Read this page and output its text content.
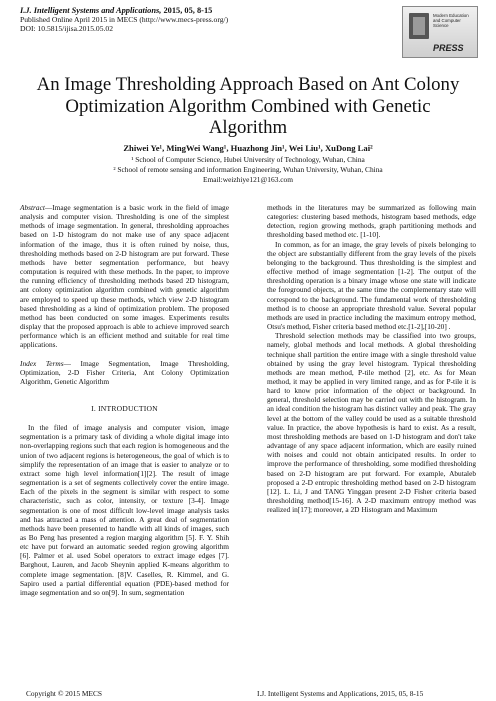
I.J. Intelligent Systems and Applications, 2015, 05, 8-15
Published Online April 2015 in MECS (http://www.mecs-press.org/)
DOI: 10.5815/ijisa.2015.05.02
Modern Education and Computer Science
PRESS
An Image Thresholding Approach Based on Ant Colony Optimization Algorithm Combined with Genetic Algorithm
Zhiwei Ye¹, MingWei Wang¹, Huazhong Jin¹, Wei Liu¹, XuDong Lai²
¹ School of Computer Science, Hubei University of Technology, Wuhan, China
² School of remote sensing and information Engineering, Wuhan University, Wuhan, China
Email:weizhiye121@163.com

Abstract—Image segmentation is a basic work in the field of image analysis and computer vision. Thresholding is one of the simplest methods of image segmentation. In general, thresholding approaches based on 1-D histogram do not make use of any space adjacent information of the image, thus it is often ruined by noise, thus, thresholding methods based on 2-D histogram are put forward. These methods have better segmentation performance, but heavy computation is required with these methods. In the paper, to improve the running efficiency of thresholding methods based 2D histogram, ant colony optimization algorithm combined with genetic algorithm are employed to speed up these methods, which view 2-D histogram based thresholding as a kind of optimization problem. The proposed method has been conducted on some images. Experiments results display that the proposed approach is able to achieve improved search performance which is an efficient method and suitable for real time applications.

Index Terms— Image Segmentation, Image Thresholding, Optimization, 2-D Fisher Criteria, Ant Colony Optimization Algorithm, Genetic Algorithm

I. INTRODUCTION

In the filed of image analysis and computer vision, image segmentation is a primary task of dividing a whole digital image into non-overlapping regions such that each region is homogeneous and the union of two adjacent regions is heterogeneous, the goal of which is to simplify the representation of an image that is easier to analyze or to extract some high level information[1][2]. The result of image segmentation is a set of segments collectively cover the entire image. Each of the pixels in the segment is similar with respect to some characteristic, such as color, intensity, or texture [3-4]. Image segmentation is one of most difficult low-level image analysis tasks and has attracted a mass of attention. A great deal of segmentation methods have been presented to handle with all kinds of images, such as Bo Peng has presented a region marging algorithm [5]. F. Y. Shih etc have put forward an automatic seeded region growing algorithm [6]. Palmer et al. used Sobel operators to extract image edges [7]. Barghout, Lauren, and Jacob Sheynin applied K-means algorithm to complete image segmentation. [8]V. Caselles, R. Kimmel, and G. Sapiro used a partial differential equation (PDE)-based method for image segmentation and so on[9]. In sum, segmentation

methods in the literatures may be summarized as following main categories: clustering based methods, histogram based methods, edge detection, region growing methods, graph partitioning methods and thresholding based method etc. [1-10].

In common, as for an image, the gray levels of pixels belonging to the object are substantially different from the gray levels of the pixels belonging to the background. Thus thresholding is the simplest and effective method of image segmentation [1-2]. The output of the thresholding operation is a binary image whose one state will indicate the foreground objects, at the same time the complementary state will correspond to the background. The fundamental work of thresholding method is to choose an appropriate threshold value. Several popular methods are used in practice including the maximum entropy method, Otsu's method, Fisher criteria based method etc.[1-2],[10-20] .

Threshold selection methods may be classified into two groups, namely, global methods and local methods. A global thresholding technique shall partition the entire image with a single threshold value obtained by using the gray level histogram. Typical thresholding methods are mean method, P-tile method [2], etc. As for Mean method, it may be applied in very limited range, and as for P-tile it is hard to know prior information of the object or background. In general, threshold selection may be carried out with the histogram. In an ideal condition the histogram has distinct valley and peak. The gray level at the bottom of the valley could be used as a suitable threshold value. In practice, the above hypothesis is hard to exist. As a result, most thresholding methods are based on 1-D histogram and don't take advantage of any space adjacent information, which are easily ruined with noises and could not obtain anticipated results. In order to improve the performance of thresholding, some modified thresholding based on 2-D histogram are put forward. For example, Abutaleb proposed a 2-D entropic thresholding method based on 2-D histogram [12]. L. Li, J and TANG Yinggan present 2-D Fisher criteria based thresholding method[15-16]. A 2-D maximum entropy method was realized in[17]; moreover, a 2D Histogram and Maximum

Copyright © 2015 MECS	I.J. Intelligent Systems and Applications, 2015, 05, 8-15
